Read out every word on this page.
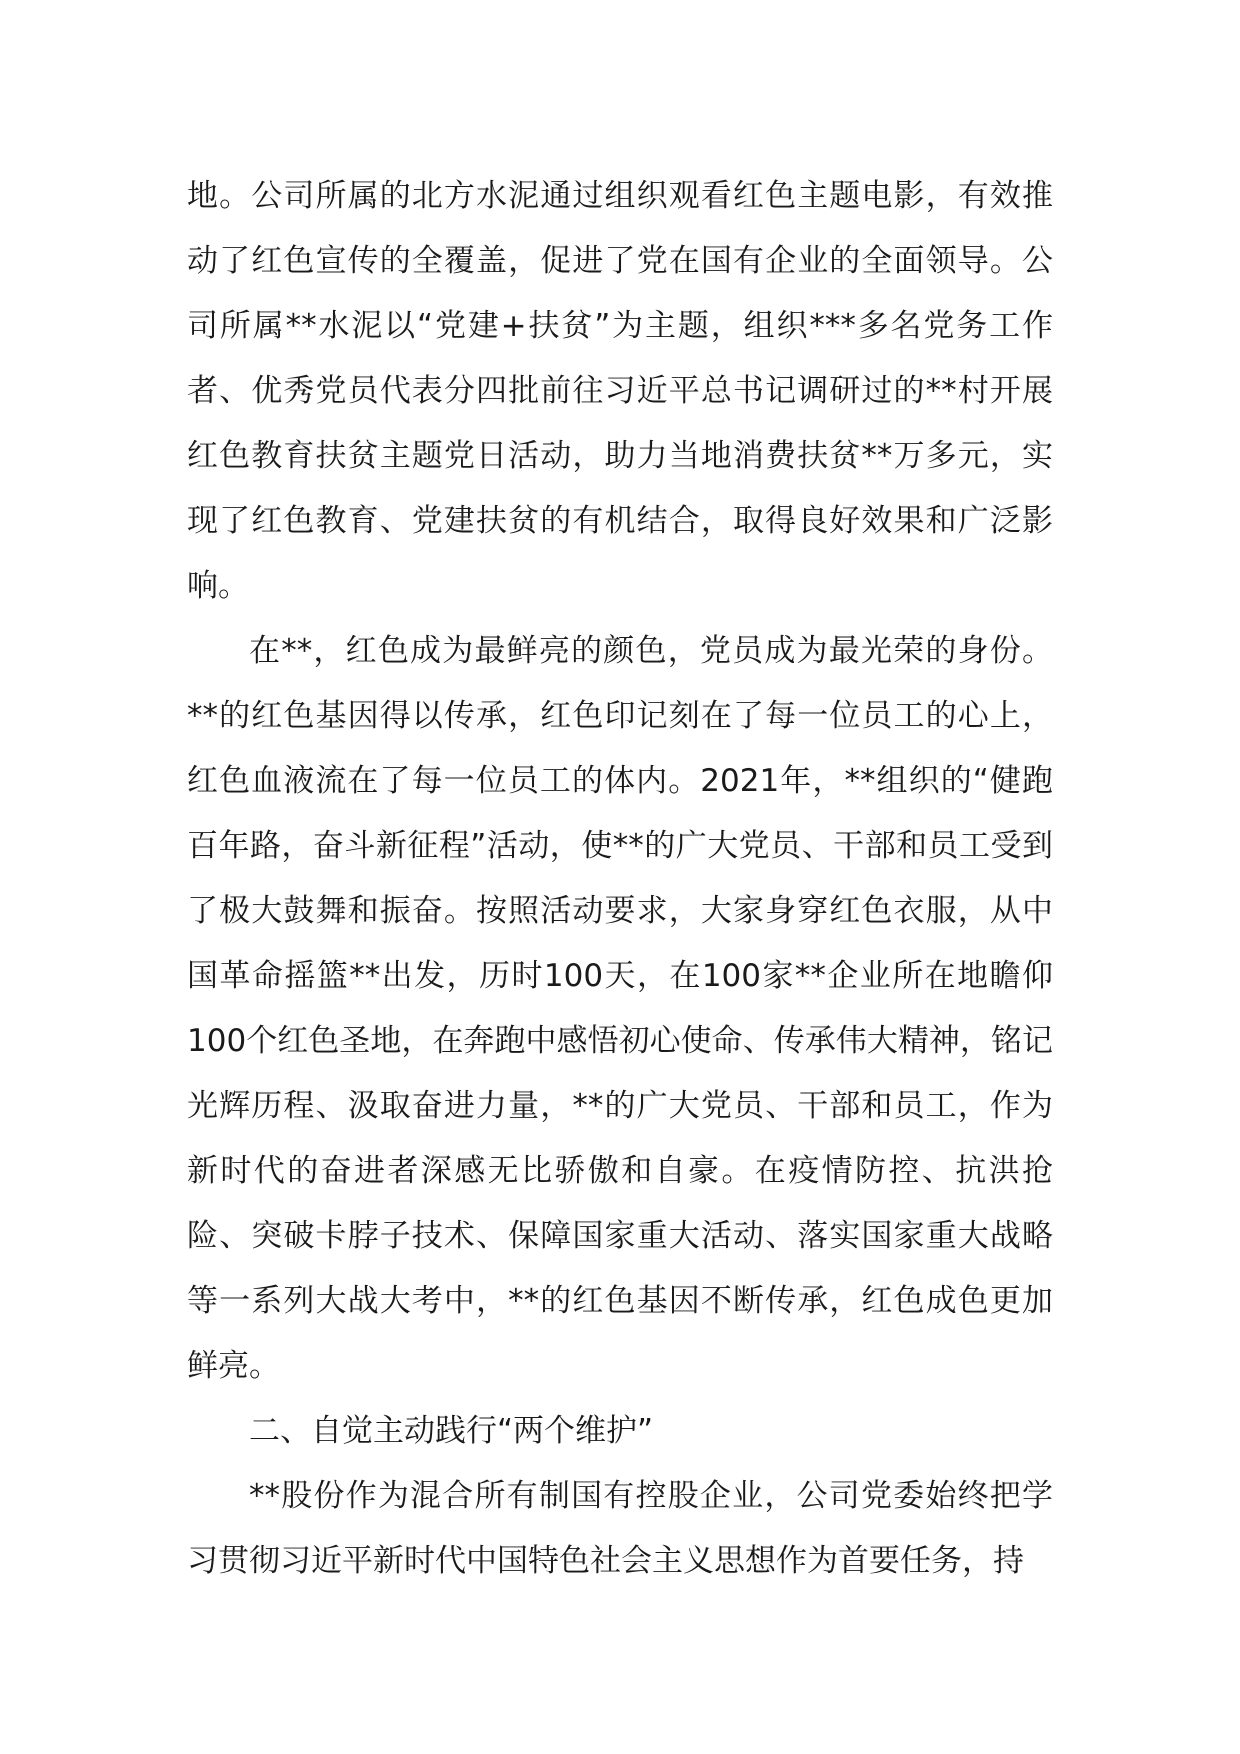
地。公司所属的北方水泥通过组织观看红色主题电影，有效推动了红色宣传的全覆盖，促进了党在国有企业的全面领导。公司所属**水泥以“党建+扶贫”为主题，组织***多名党务工作者、优秀党员代表分四批前往习近平总书记调研过的**村开展红色教育扶贫主题党日活动，助力当地消费扶贫**万多元，实现了红色教育、党建扶贫的有机结合，取得良好效果和广泛影响。

在**，红色成为最鲜亮的颜色，党员成为最光荣的身份。**的红色基因得以传承，红色印记刻在了每一位员工的心上，红色血液流在了每一位员工的体内。2021年，**组织的“健跑百年路，奋斗新征程”活动，使**的广大党员、干部和员工受到了极大鼓舞和振奋。按照活动要求，大家身穿红色衣服，从中国革命摇篮**出发，历时100天，在100家**企业所在地瞻仰100个红色圣地，在奔跑中感悟初心使命、传承伟大精神，铭记光辉历程、汲取奋进力量，**的广大党员、干部和员工，作为新时代的奋进者深感无比骄傲和自豪。在疫情防控、抗洪抢险、突破卡脖子技术、保障国家重大活动、落实国家重大战略等一系列大战大考中，**的红色基因不断传承，红色成色更加鲜亮。

二、自觉主动践行“两个维护”

**股份作为混合所有制国有控股企业，公司党委始终把学习贯彻习近平新时代中国特色社会主义思想作为首要任务，持
